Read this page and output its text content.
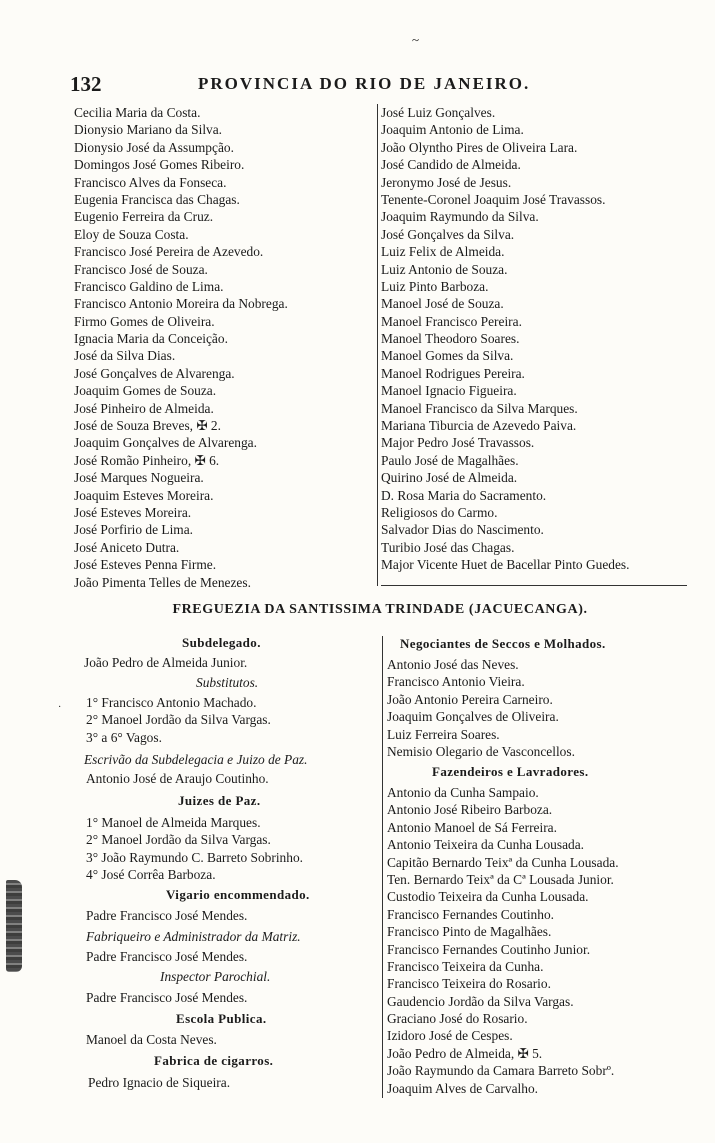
~
132	PROVINCIA DO RIO DE JANEIRO.
Cecilia Maria da Costa.
Dionysio Mariano da Silva.
Dionysio José da Assumpção.
Domingos José Gomes Ribeiro.
Francisco Alves da Fonseca.
Eugenia Francisca das Chagas.
Eugenio Ferreira da Cruz.
Eloy de Souza Costa.
Francisco José Pereira de Azevedo.
Francisco José de Souza.
Francisco Galdino de Lima.
Francisco Antonio Moreira da Nobrega.
Firmo Gomes de Oliveira.
Ignacia Maria da Conceição.
José da Silva Dias.
José Gonçalves de Alvarenga.
Joaquim Gomes de Souza.
José Pinheiro de Almeida.
José de Souza Breves, ✠ 2.
Joaquim Gonçalves de Alvarenga.
José Romão Pinheiro, ✠ 6.
José Marques Nogueira.
Joaquim Esteves Moreira.
José Esteves Moreira.
José Porfirio de Lima.
José Aniceto Dutra.
José Esteves Penna Firme.
João Pimenta Telles de Menezes.
José Luiz Gonçalves.
Joaquim Antonio de Lima.
João Olyntho Pires de Oliveira Lara.
José Candido de Almeida.
Jeronymo José de Jesus.
Tenente-Coronel Joaquim José Travassos.
Joaquim Raymundo da Silva.
José Gonçalves da Silva.
Luiz Felix de Almeida.
Luiz Antonio de Souza.
Luiz Pinto Barboza.
Manoel José de Souza.
Manoel Francisco Pereira.
Manoel Theodoro Soares.
Manoel Gomes da Silva.
Manoel Rodrigues Pereira.
Manoel Ignacio Figueira.
Manoel Francisco da Silva Marques.
Mariana Tiburcia de Azevedo Paiva.
Major Pedro José Travassos.
Paulo José de Magalhães.
Quirino José de Almeida.
D. Rosa Maria do Sacramento.
Religiosos do Carmo.
Salvador Dias do Nascimento.
Turibio José das Chagas.
Major Vicente Huet de Bacellar Pinto Guedes.
FREGUEZIA DA SANTISSIMA TRINDADE (JACUECANGA).
Subdelegado.
João Pedro de Almeida Junior.
Substitutos.
1° Francisco Antonio Machado.
2° Manoel Jordão da Silva Vargas.
3° a 6° Vagos.
Escrivão da Subdelegacia e Juizo de Paz.
Antonio José de Araujo Coutinho.
Juizes de Paz.
1° Manoel de Almeida Marques.
2° Manoel Jordão da Silva Vargas.
3° João Raymundo C. Barreto Sobrinho.
4° José Corrêa Barboza.
Vigario encommendado.
Padre Francisco José Mendes.
Fabriqueiro e Administrador da Matriz.
Padre Francisco José Mendes.
Inspector Parochial.
Padre Francisco José Mendes.
Escola Publica.
Manoel da Costa Neves.
Fabrica de cigarros.
Pedro Ignacio de Siqueira.
Negociantes de Seccos e Molhados.
Antonio José das Neves.
Francisco Antonio Vieira.
João Antonio Pereira Carneiro.
Joaquim Gonçalves de Oliveira.
Luiz Ferreira Soares.
Nemisio Olegario de Vasconcellos.
Fazendeiros e Lavradores.
Antonio da Cunha Sampaio.
Antonio José Ribeiro Barboza.
Antonio Manoel de Sá Ferreira.
Antonio Teixeira da Cunha Lousada.
Capitão Bernardo Teixª da Cunha Lousada.
Ten. Bernardo Teixª da Cª Lousada Junior.
Custodio Teixeira da Cunha Lousada.
Francisco Fernandes Coutinho.
Francisco Pinto de Magalhães.
Francisco Fernandes Coutinho Junior.
Francisco Teixeira da Cunha.
Francisco Teixeira do Rosario.
Gaudencio Jordão da Silva Vargas.
Graciano José do Rosario.
Izidoro José de Cespes.
João Pedro de Almeida, ✠ 5.
João Raymundo da Camara Barreto Sobrº.
Joaquim Alves de Carvalho.
·
